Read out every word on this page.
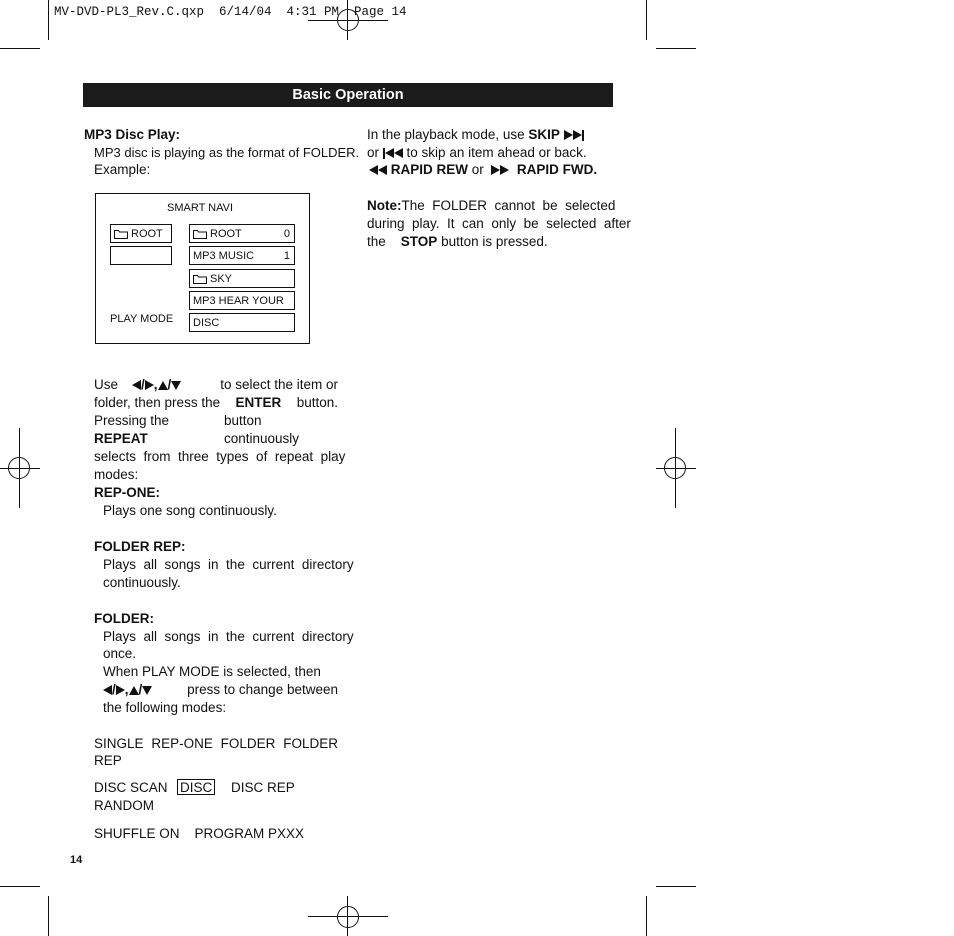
MV-DVD-PL3_Rev.C.qxp  6/14/04  4:31 PM  Page 14
Basic Operation
MP3 Disc Play:
MP3 disc is playing as the format of FOLDER.
Example:
SMART NAVI
ROOT
PLAY MODE
ROOT	0
MP3 MUSIC	1
SKY
MP3 HEAR YOUR
DISC
Use	/ , /	to select the item or
folder, then press the ENTER button.
Pressing the REPEAT
button continuously
selects  from  three  types  of  repeat  play
modes:
REP-ONE:
Plays one song continuously.
FOLDER REP:
Plays  all  songs  in  the  current  directory
continuously.
FOLDER:
Plays  all  songs  in  the  current  directory
once.
When PLAY MODE is selected, then
/ , /	press to change between
the following modes:
SINGLE REP-ONE FOLDER FOLDER
REP
DISC SCAN DISC DISC REP
RANDOM
SHUFFLE ON    PROGRAM PXXX
In the playback mode, use
SKIP

or

to skip an item ahead or back.

RAPID REW
or

RAPID FWD.
Note: The  FOLDER  cannot  be  selected
during  play.  It  can  only  be  selected  after
the STOP button is pressed.
14
